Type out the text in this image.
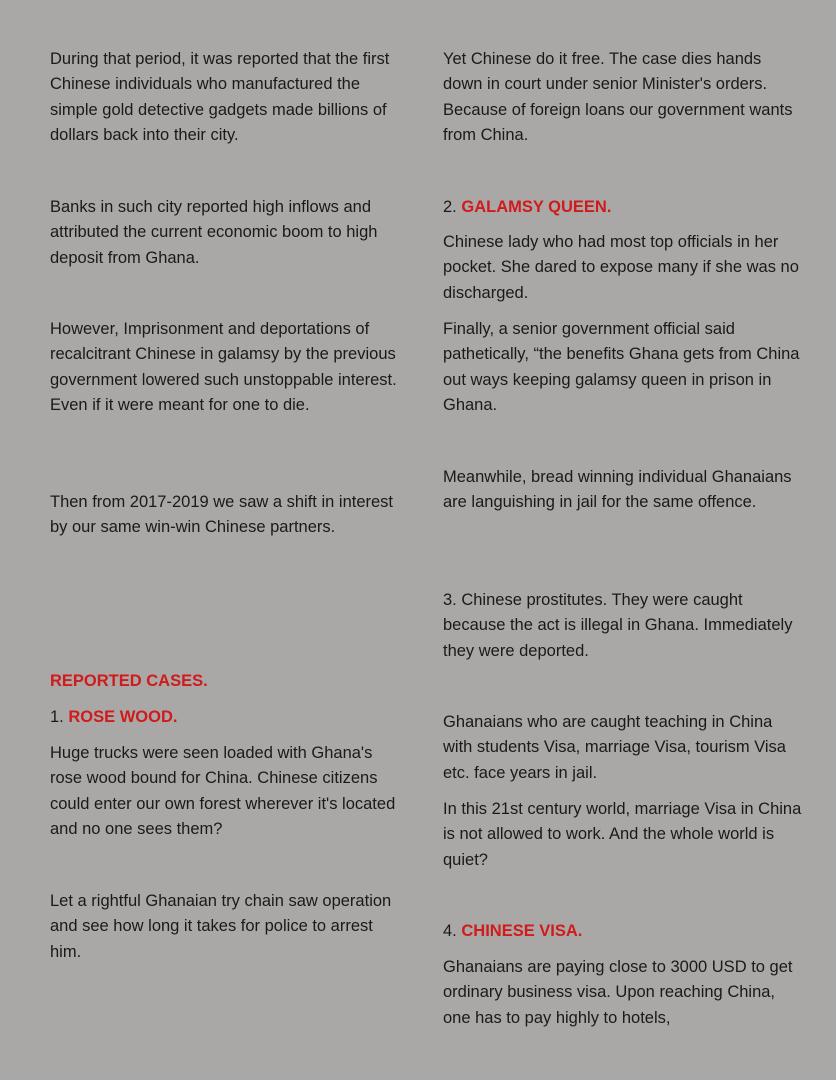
During that period, it was reported that the first Chinese individuals who manufactured the simple gold detective gadgets made billions of dollars back into their city.

Banks in such city reported high inflows and attributed the current economic boom to high deposit from Ghana.

However, Imprisonment and deportations of recalcitrant Chinese in galamsy by the previous government lowered such unstoppable interest. Even if it were meant for one to die.

Then from 2017-2019 we saw a shift in interest by our same win-win Chinese partners.

REPORTED CASES.

1. ROSE WOOD.

Huge trucks were seen loaded with Ghana's rose wood bound for China. Chinese citizens could enter our own forest wherever it's located and no one sees them?

Let a rightful Ghanaian try chain saw operation and see how long it takes for police to arrest him.

Yet Chinese do it free. The case dies hands down in court under senior Minister's orders. Because of foreign loans our government wants from China.

2. GALAMSY QUEEN.

Chinese lady who had most top officials in her pocket. She dared to expose many if she was no discharged.

Finally, a senior government official said pathetically, “the benefits Ghana gets from China out ways keeping galamsy queen in prison in Ghana.

Meanwhile, bread winning individual Ghanaians are languishing in jail for the same offence.

3. Chinese prostitutes. They were caught because the act is illegal in Ghana. Immediately they were deported.

Ghanaians who are caught teaching in China with students Visa, marriage Visa, tourism Visa etc. face years in jail.

In this 21st century world, marriage Visa in China is not allowed to work. And the whole world is quiet?

4. CHINESE VISA.

Ghanaians are paying close to 3000 USD to get ordinary business visa. Upon reaching China, one has to pay highly to hotels,
